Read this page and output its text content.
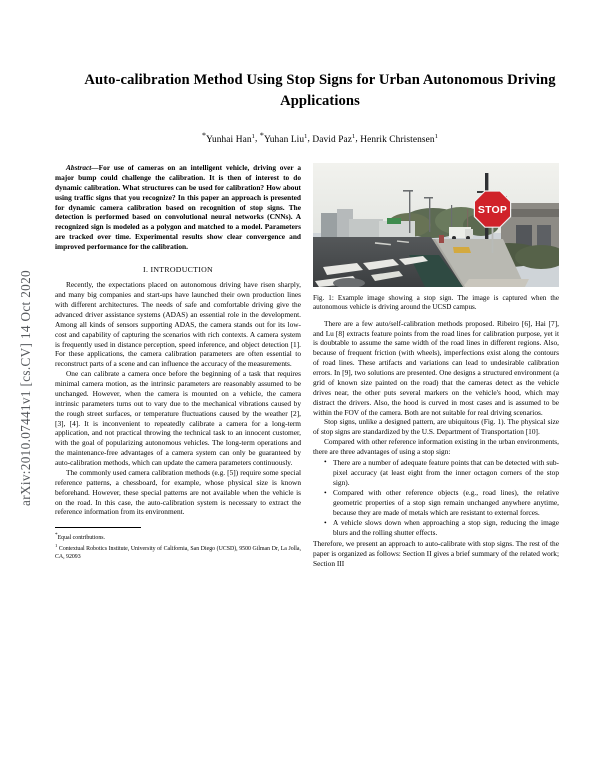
arXiv:2010.07441v1 [cs.CV] 14 Oct 2020
Auto-calibration Method Using Stop Signs for Urban Autonomous Driving Applications
*Yunhai Han$^1$, *Yuhan Liu$^1$, David Paz$^1$, Henrik Christensen$^1$

Abstract—For use of cameras on an intelligent vehicle, driving over a major bump could challenge the calibration. It is then of interest to do dynamic calibration. What structures can be used for calibration? How about using traffic signs that you recognize? In this paper an approach is presented for dynamic camera calibration based on recognition of stop signs. The detection is performed based on convolutional neural networks (CNNs). A recognized sign is modeled as a polygon and matched to a model. Parameters are tracked over time. Experimental results show clear convergence and improved performance for the calibration.

I. INTRODUCTION

Recently, the expectations placed on autonomous driving have risen sharply, and many big companies and start-ups have launched their own production lines with different architectures. The needs of safe and comfortable driving give the advanced driver assistance systems (ADAS) an essential role in the development. Among all kinds of sensors supporting ADAS, the camera stands out for its low-cost and capability of capturing the scenarios with rich contexts. A camera system is frequently used in distance perception, speed inference, and object detection [1]. For these applications, the camera calibration parameters are often essential to reconstruct parts of a scene and can influence the accuracy of the measurements.

One can calibrate a camera once before the beginning of a task that requires minimal camera motion, as the intrinsic parameters are reasonably assumed to be unchanged. However, when the camera is mounted on a vehicle, the camera intrinsic parameters turns out to vary due to the mechanical vibrations caused by the rough street surfaces, or temperature fluctuations caused by the weather [2], [3], [4]. It is inconvenient to repeatedly calibrate a camera for a long-term application, and not practical throwing the technical task to an innocent customer, with the goal of popularizing autonomous vehicles. The long-term operations and the maintenance-free advantages of a camera system can only be guaranteed by auto-calibration methods, which can update the camera parameters continuously.

The commonly used camera calibration methods (e.g. [5]) require some special reference patterns, a chessboard, for example, whose physical size is known beforehand. However, these special patterns are not available when the vehicle is on the road. In this case, the auto-calibration system is necessary to extract the reference information from its environment.

*Equal contributions.
$^1$ Contextual Robotics Institute, University of California, San Diego (UCSD), 9500 Gilman Dr, La Jolla, CA, 92093
STOP
Fig. 1: Example image showing a stop sign. The image is captured when the autonomous vehicle is driving around the UCSD campus.

There are a few auto/self-calibration methods proposed. Ribeiro [6], Hai [7], and Lu [8] extracts feature points from the road lines for calibration purpose, yet it is doubtable to assume the same width of the road lines in different regions. Also, because of frequent friction (with wheels), imperfections exist along the contours of road lines. These artifacts and variations can lead to undesirable calibration errors. In [9], two solutions are presented. One designs a structured environment (a grid of known size painted on the road) that the cameras detect as the vehicle drives near, the other puts several markers on the vehicle's hood, which may distract the drivers. Also, the hood is curved in most cases and is assumed to be within the FOV of the camera. Both are not suitable for real driving scenarios.

Stop signs, unlike a designed pattern, are ubiquitous (Fig. 1). The physical size of stop signs are standardized by the U.S. Department of Transportation [10].

Compared with other reference information existing in the urban environments, there are three advantages of using a stop sign:

• There are a number of adequate feature points that can be detected with sub-pixel accuracy (at least eight from the inner octagon corners of the stop sign).
• Compared with other reference objects (e.g., road lines), the relative geometric properties of a stop sign remain unchanged anywhere anytime, because they are made of metals which are resistant to external forces.
• A vehicle slows down when approaching a stop sign, reducing the image blurs and the rolling shutter effects.

Therefore, we present an approach to auto-calibrate with stop signs. The rest of the paper is organized as follows: Section II gives a brief summary of the related work; Section III
